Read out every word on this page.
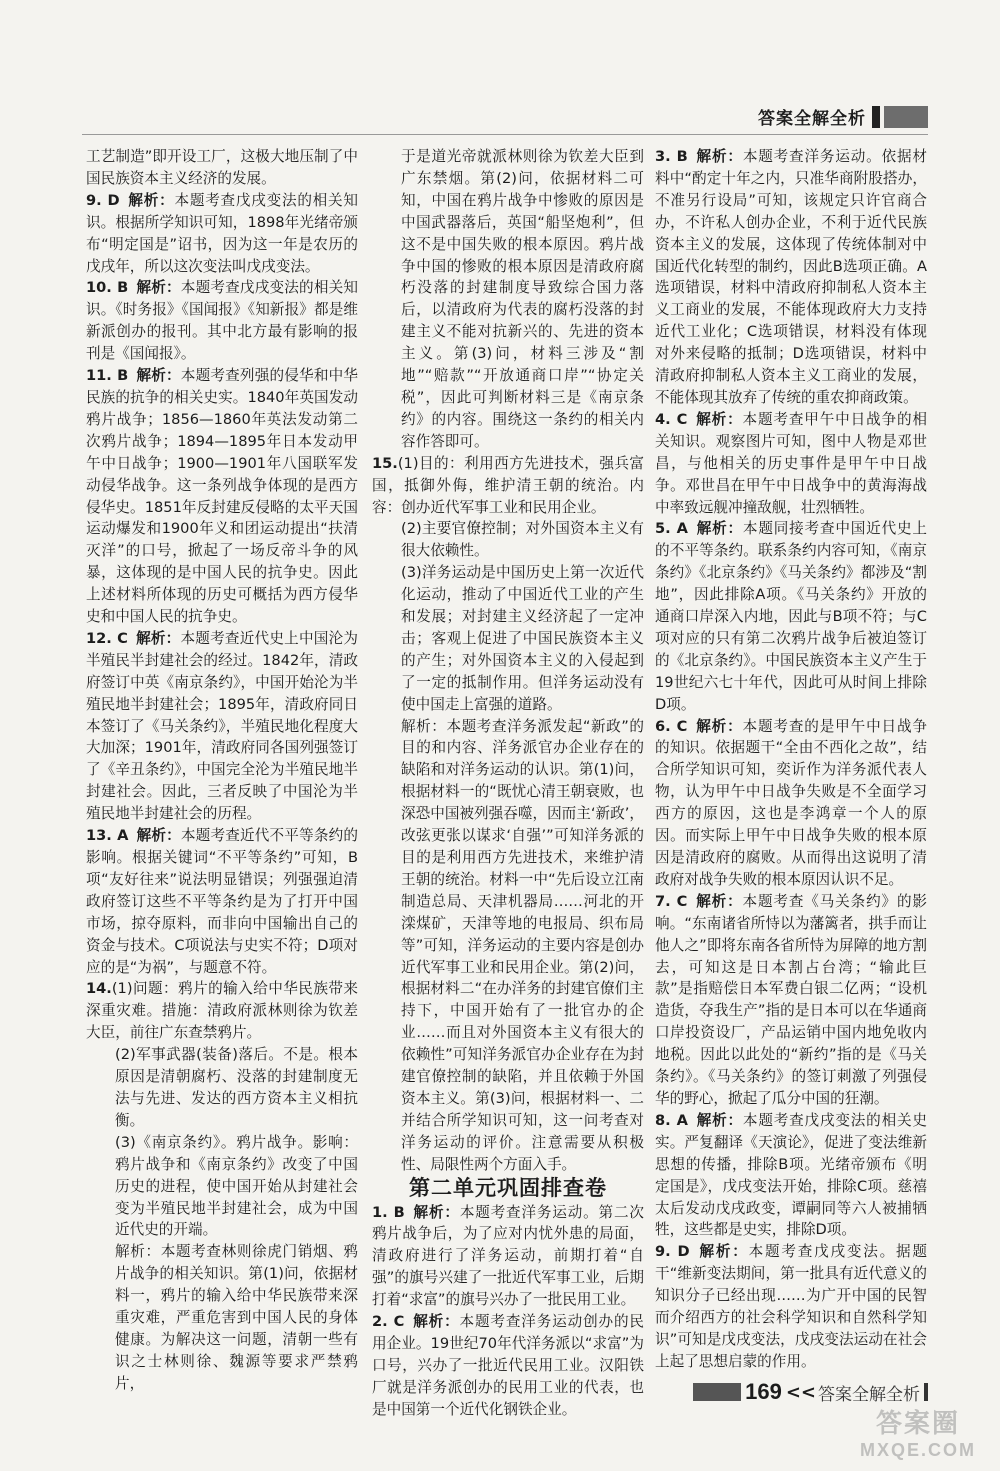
答案全解全析

工艺制造”即开设工厂，这极大地压制了中国民族资本主义经济的发展。

9. D 解析：本题考查戊戌变法的相关知识。根据所学知识可知，1898年光绪帝颁布“明定国是”诏书，因为这一年是农历的戊戌年，所以这次变法叫戊戌变法。

10. B 解析：本题考查戊戌变法的相关知识。《时务报》《国闻报》《知新报》都是维新派创办的报刊。其中北方最有影响的报刊是《国闻报》。

11. B 解析：本题考查列强的侵华和中华民族的抗争的相关史实。1840年英国发动鸦片战争；1856—1860年英法发动第二次鸦片战争；1894—1895年日本发动甲午中日战争；1900—1901年八国联军发动侵华战争。这一条列战争体现的是西方侵华史。1851年反封建反侵略的太平天国运动爆发和1900年义和团运动提出“扶清灭洋”的口号，掀起了一场反帝斗争的风暴，这体现的是中国人民的抗争史。因此上述材料所体现的历史可概括为西方侵华史和中国人民的抗争史。

12. C 解析：本题考查近代史上中国沦为半殖民半封建社会的经过。1842年，清政府签订中英《南京条约》，中国开始沦为半殖民地半封建社会；1895年，清政府同日本签订了《马关条约》，半殖民地化程度大大加深；1901年，清政府同各国列强签订了《辛丑条约》，中国完全沦为半殖民地半封建社会。因此，三者反映了中国沦为半殖民地半封建社会的历程。

13. A 解析：本题考查近代不平等条约的影响。根据关键词“不平等条约”可知，B项“友好往来”说法明显错误；列强强迫清政府签订这些不平等条约是为了打开中国市场，掠夺原料，而非向中国输出自己的资金与技术。C项说法与史实不符；D项对应的是“为祸”，与题意不符。

14.(1)问题：鸦片的输入给中华民族带来深重灾难。措施：清政府派林则徐为钦差大臣，前往广东查禁鸦片。

(2)军事武器(装备)落后。不是。根本原因是清朝腐朽、没落的封建制度无法与先进、发达的西方资本主义相抗衡。

(3)《南京条约》。鸦片战争。影响：鸦片战争和《南京条约》改变了中国历史的进程，使中国开始从封建社会变为半殖民地半封建社会，成为中国近代史的开端。

解析：本题考查林则徐虎门销烟、鸦片战争的相关知识。第(1)问，依据材料一，鸦片的输入给中华民族带来深重灾难，严重危害到中国人民的身体健康。为解决这一问题，清朝一些有识之士林则徐、魏源等要求严禁鸦片，

于是道光帝就派林则徐为钦差大臣到广东禁烟。第(2)问，依据材料二可知，中国在鸦片战争中惨败的原因是中国武器落后，英国“船坚炮利”，但这不是中国失败的根本原因。鸦片战争中国的惨败的根本原因是清政府腐朽没落的封建制度导致综合国力落后，以清政府为代表的腐朽没落的封建主义不能对抗新兴的、先进的资本主义。第(3)问，材料三涉及“割地”“赔款”“开放通商口岸”“协定关税”，因此可判断材料三是《南京条约》的内容。围绕这一条约的相关内容作答即可。

15.(1)目的：利用西方先进技术，强兵富国，抵御外侮，维护清王朝的统治。内容：创办近代军事工业和民用企业。

(2)主要官僚控制；对外国资本主义有很大依赖性。

(3)洋务运动是中国历史上第一次近代化运动，推动了中国近代工业的产生和发展；对封建主义经济起了一定冲击；客观上促进了中国民族资本主义的产生；对外国资本主义的入侵起到了一定的抵制作用。但洋务运动没有使中国走上富强的道路。

解析：本题考查洋务派发起“新政”的目的和内容、洋务派官办企业存在的缺陷和对洋务运动的认识。第(1)问，根据材料一的“既忧心清王朝衰败，也深恐中国被列强吞噬，因而主‘新政’，改弦更张以谋求‘自强’”可知洋务派的目的是利用西方先进技术，来维护清王朝的统治。材料一中“先后设立江南制造总局、天津机器局……河北的开滦煤矿，天津等地的电报局、织布局等”可知，洋务运动的主要内容是创办近代军事工业和民用企业。第(2)问，根据材料二“在办洋务的封建官僚们主持下，中国开始有了一批官办的企业……而且对外国资本主义有很大的依赖性”可知洋务派官办企业存在为封建官僚控制的缺陷，并且依赖于外国资本主义。第(3)问，根据材料一、二并结合所学知识可知，这一问考查对洋务运动的评价。注意需要从积极性、局限性两个方面入手。

第二单元巩固排查卷

1. B 解析：本题考查洋务运动。第二次鸦片战争后，为了应对内忧外患的局面，清政府进行了洋务运动，前期打着“自强”的旗号兴建了一批近代军事工业，后期打着“求富”的旗号兴办了一批民用工业。

2. C 解析：本题考查洋务运动创办的民用企业。19世纪70年代洋务派以“求富”为口号，兴办了一批近代民用工业。汉阳铁厂就是洋务派创办的民用工业的代表，也是中国第一个近代化钢铁企业。

3. B 解析：本题考查洋务运动。依据材料中“酌定十年之内，只准华商附股搭办，不准另行设局”可知，该规定只许官商合办，不许私人创办企业，不利于近代民族资本主义的发展，这体现了传统体制对中国近代化转型的制约，因此B选项正确。A选项错误，材料中清政府抑制私人资本主义工商业的发展，不能体现政府大力支持近代工业化；C选项错误，材料没有体现对外来侵略的抵制；D选项错误，材料中清政府抑制私人资本主义工商业的发展，不能体现其放弃了传统的重农抑商政策。

4. C 解析：本题考查甲午中日战争的相关知识。观察图片可知，图中人物是邓世昌，与他相关的历史事件是甲午中日战争。邓世昌在甲午中日战争中的黄海海战中率致远舰冲撞敌舰，壮烈牺牲。

5. A 解析：本题同接考查中国近代史上的不平等条约。联系条约内容可知，《南京条约》《北京条约》《马关条约》都涉及“割地”，因此排除A项。《马关条约》开放的通商口岸深入内地，因此与B项不符；与C项对应的只有第二次鸦片战争后被迫签订的《北京条约》。中国民族资本主义产生于19世纪六七十年代，因此可从时间上排除D项。

6. C 解析：本题考查的是甲午中日战争的知识。依据题干“全由不西化之故”，结合所学知识可知，奕䜣作为洋务派代表人物，认为甲午中日战争失败是不全面学习西方的原因，这也是李鸿章一个人的原因。而实际上甲午中日战争失败的根本原因是清政府的腐败。从而得出这说明了清政府对战争失败的根本原因认识不足。

7. C 解析：本题考查《马关条约》的影响。“东南诸省所恃以为藩篱者，拱手而让他人之”即将东南各省所恃为屏障的地方割去，可知这是日本割占台湾；“输此巨款”是指赔偿日本军费白银二亿两；“设机造货，夺我生产”指的是日本可以在华通商口岸投资设厂，产品运销中国内地免收内地税。因此以此处的“新约”指的是《马关条约》。《马关条约》的签订刺激了列强侵华的野心，掀起了瓜分中国的狂潮。

8. A 解析：本题考查戊戌变法的相关史实。严复翻译《天演论》，促进了变法维新思想的传播，排除B项。光绪帝颁布《明定国是》，戊戌变法开始，排除C项。慈禧太后发动戊戌政变，谭嗣同等六人被捕牺牲，这些都是史实，排除D项。

9. D 解析：本题考查戊戌变法。据题干“维新变法期间，第一批具有近代意义的知识分子已经出现……为广开中国的民智而介绍西方的社会科学知识和自然科学知识”可知是戊戌变法，戊戌变法运动在社会上起了思想启蒙的作用。

169 << 答案全解全析
答案圈
MXQE.COM
